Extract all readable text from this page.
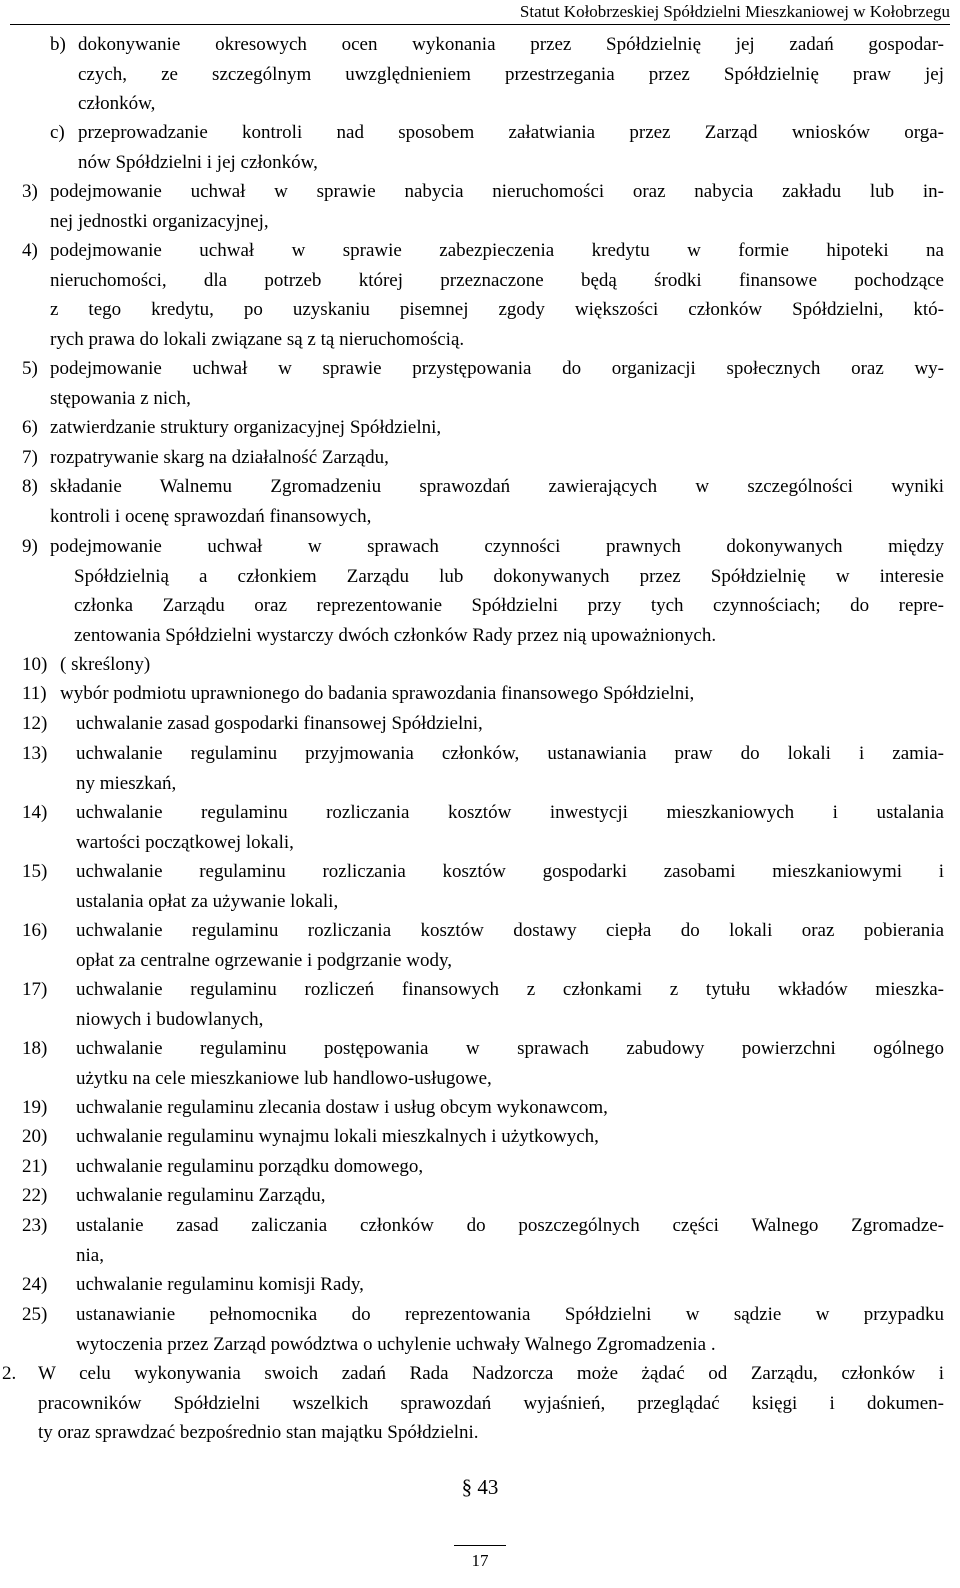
Statut Kołobrzeskiej Spółdzielni Mieszkaniowej w Kołobrzegu
b) dokonywanie okresowych ocen wykonania przez Spółdzielnię jej zadań gospodar-
czych, ze szczególnym uwzględnieniem przestrzegania przez Spółdzielnię praw jej
członków,
c) przeprowadzanie kontroli nad sposobem załatwiania przez Zarząd wniosków orga-
nów Spółdzielni i jej członków,
3) podejmowanie uchwał w sprawie nabycia nieruchomości oraz nabycia zakładu lub in-
nej jednostki organizacyjnej,
4) podejmowanie uchwał w sprawie zabezpieczenia kredytu w formie hipoteki na
nieruchomości, dla potrzeb której przeznaczone będą środki finansowe pochodzące
z tego kredytu, po uzyskaniu pisemnej zgody większości członków Spółdzielni, któ-
rych prawa do lokali związane są z tą nieruchomością.
5) podejmowanie uchwał w sprawie przystępowania do organizacji społecznych oraz wy-
stępowania z nich,
6) zatwierdzanie struktury organizacyjnej Spółdzielni,
7) rozpatrywanie skarg na działalność Zarządu,
8) składanie Walnemu Zgromadzeniu sprawozdań zawierających w szczególności wyniki
kontroli i ocenę sprawozdań finansowych,
9) podejmowanie uchwał w sprawach czynności prawnych dokonywanych między
Spółdzielnią a członkiem Zarządu lub dokonywanych przez Spółdzielnię w interesie
członka Zarządu oraz reprezentowanie Spółdzielni przy tych czynnościach; do repre-
zentowania Spółdzielni wystarczy dwóch członków Rady przez nią upoważnionych.
10) ( skreślony)
11) wybór podmiotu uprawnionego do badania sprawozdania finansowego Spółdzielni,
12) uchwalanie zasad gospodarki finansowej Spółdzielni,
13) uchwalanie regulaminu przyjmowania członków, ustanawiania praw do lokali i zamia-
ny mieszkań,
14) uchwalanie regulaminu rozliczania kosztów inwestycji mieszkaniowych i ustalania
wartości początkowej lokali,
15) uchwalanie regulaminu rozliczania kosztów gospodarki zasobami mieszkaniowymi i
ustalania opłat za używanie lokali,
16) uchwalanie regulaminu rozliczania kosztów dostawy ciepła do lokali oraz pobierania
opłat za centralne ogrzewanie i podgrzanie wody,
17) uchwalanie regulaminu rozliczeń finansowych z członkami z tytułu wkładów mieszka-
niowych i budowlanych,
18) uchwalanie regulaminu postępowania w sprawach zabudowy powierzchni ogólnego
użytku na cele mieszkaniowe lub handlowo-usługowe,
19) uchwalanie regulaminu zlecania dostaw i usług obcym wykonawcom,
20) uchwalanie regulaminu wynajmu lokali mieszkalnych i użytkowych,
21) uchwalanie regulaminu porządku domowego,
22) uchwalanie regulaminu Zarządu,
23) ustalanie zasad zaliczania członków do poszczególnych części Walnego Zgromadze-
nia,
24) uchwalanie regulaminu komisji Rady,
25) ustanawianie pełnomocnika do reprezentowania Spółdzielni w sądzie w przypadku
wytoczenia przez Zarząd powództwa o uchylenie uchwały Walnego Zgromadzenia .
2. W celu wykonywania swoich zadań Rada Nadzorcza może żądać od Zarządu, członków i
pracowników Spółdzielni wszelkich sprawozdań wyjaśnień, przeglądać księgi i dokumen-
ty oraz sprawdzać bezpośrednio stan majątku Spółdzielni.
§ 43
17
